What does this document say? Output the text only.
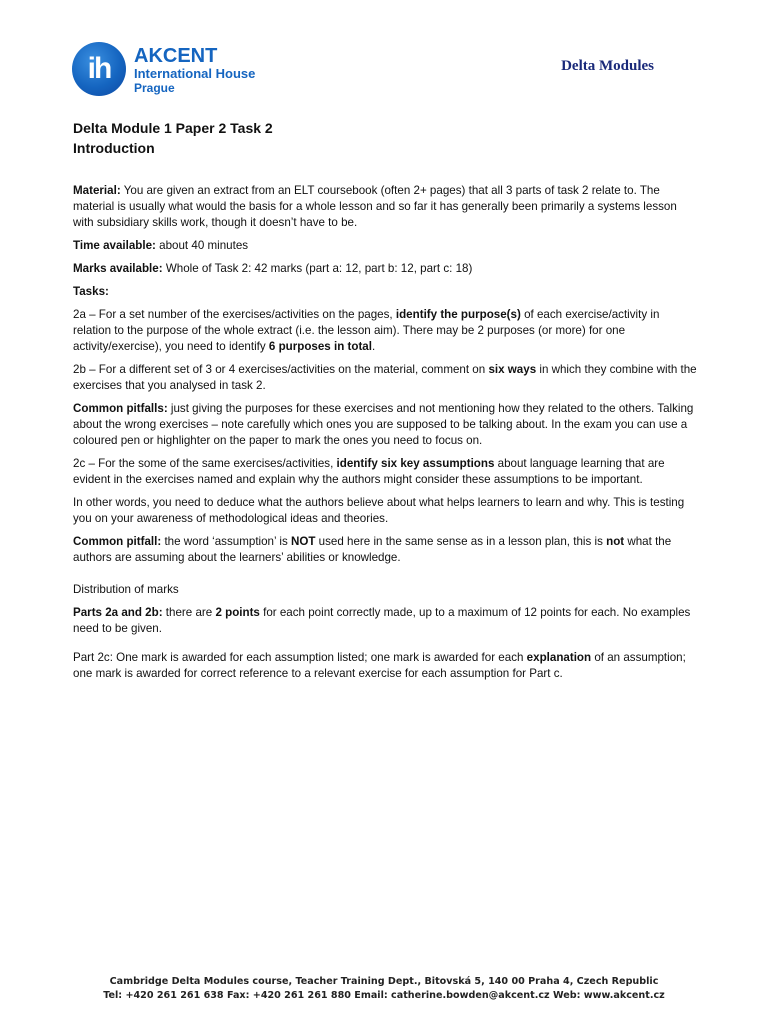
ih	AKCENT
International House
Prague
Delta Modules
Delta Module 1 Paper 2 Task 2
Introduction
Material: You are given an extract from an ELT coursebook (often 2+ pages) that all 3 parts of task 2 relate to. The material is usually what would the basis for a whole lesson and so far it has generally been primarily a systems lesson with subsidiary skills work, though it doesn’t have to be.
Time available: about 40 minutes
Marks available: Whole of Task 2: 42 marks (part a: 12, part b: 12, part c: 18)
Tasks:
2a – For a set number of the exercises/activities on the pages, identify the purpose(s) of each exercise/activity in relation to the purpose of the whole extract (i.e. the lesson aim). There may be 2 purposes (or more) for one activity/exercise), you need to identify 6 purposes in total.
2b – For a different set of 3 or 4 exercises/activities on the material, comment on six ways in which they combine with the exercises that you analysed in task 2.
Common pitfalls: just giving the purposes for these exercises and not mentioning how they related to the others. Talking about the wrong exercises – note carefully which ones you are supposed to be talking about. In the exam you can use a coloured pen or highlighter on the paper to mark the ones you need to focus on.
2c – For the some of the same exercises/activities, identify six key assumptions about language learning that are evident in the exercises named and explain why the authors might consider these assumptions to be important.
In other words, you need to deduce what the authors believe about what helps learners to learn and why. This is testing you on your awareness of methodological ideas and theories.
Common pitfall: the word ‘assumption’ is NOT used here in the same sense as in a lesson plan, this is not what the authors are assuming about the learners’ abilities or knowledge.
Distribution of marks
Parts 2a and 2b: there are 2 points for each point correctly made, up to a maximum of 12 points for each. No examples need to be given.
Part 2c: One mark is awarded for each assumption listed; one mark is awarded for each explanation of an assumption; one mark is awarded for correct reference to a relevant exercise for each assumption for Part c.
Cambridge Delta Modules course, Teacher Training Dept., Bitovská 5, 140 00 Praha 4, Czech Republic
Tel: +420 261 261 638 Fax: +420 261 261 880 Email: catherine.bowden@akcent.cz Web: www.akcent.cz
